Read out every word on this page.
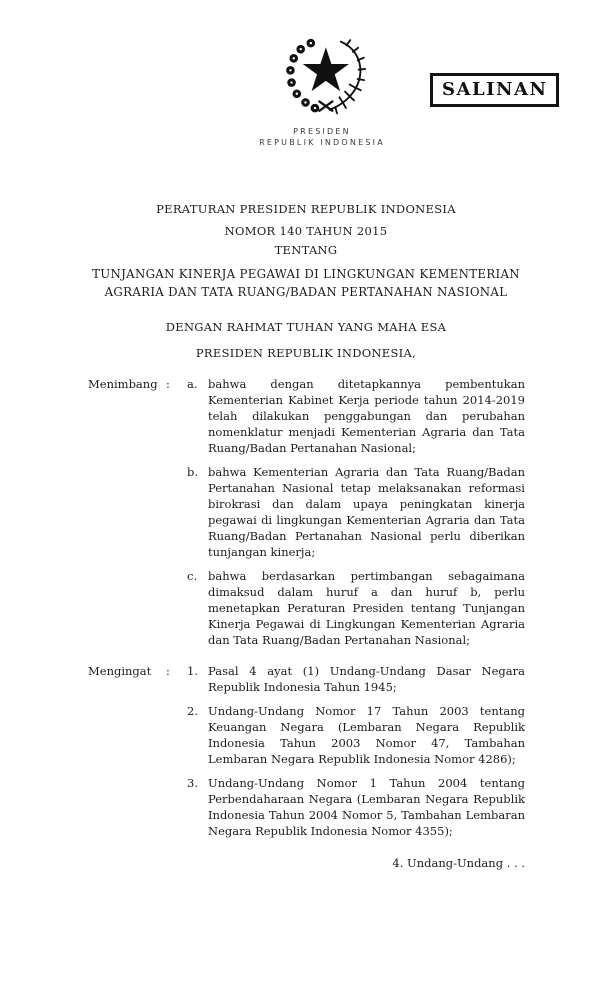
PRESIDEN
REPUBLIK INDONESIA
SALINAN
PERATURAN PRESIDEN REPUBLIK INDONESIA
NOMOR 140 TAHUN 2015
TENTANG
TUNJANGAN KINERJA PEGAWAI DI LINGKUNGAN KEMENTERIAN
AGRARIA DAN TATA RUANG/BADAN PERTANAHAN NASIONAL
DENGAN RAHMAT TUHAN YANG MAHA ESA
PRESIDEN REPUBLIK INDONESIA,
Menimbang :	a. bahwa dengan ditetapkannya pembentukan Kementerian Kabinet Kerja periode tahun 2014-2019 telah dilakukan penggabungan dan perubahan nomenklatur menjadi Kementerian Agraria dan Tata Ruang/Badan Pertanahan Nasional;
b. bahwa Kementerian Agraria dan Tata Ruang/Badan Pertanahan Nasional tetap melaksanakan reformasi birokrasi dan dalam upaya peningkatan kinerja pegawai di lingkungan Kementerian Agraria dan Tata Ruang/Badan Pertanahan Nasional perlu diberikan tunjangan kinerja;
c. bahwa berdasarkan pertimbangan sebagaimana dimaksud dalam huruf a dan huruf b, perlu menetapkan Peraturan Presiden tentang Tunjangan Kinerja Pegawai di Lingkungan Kementerian Agraria dan Tata Ruang/Badan Pertanahan Nasional;
Mengingat	:	1. Pasal 4 ayat (1) Undang-Undang Dasar Negara Republik Indonesia Tahun 1945;
2. Undang-Undang Nomor 17 Tahun 2003 tentang Keuangan Negara (Lembaran Negara Republik Indonesia Tahun 2003 Nomor 47, Tambahan Lembaran Negara Republik Indonesia Nomor 4286);
3. Undang-Undang Nomor 1 Tahun 2004 tentang Perbendaharaan Negara (Lembaran Negara Republik Indonesia Tahun 2004 Nomor 5, Tambahan Lembaran Negara Republik Indonesia Nomor 4355);
4. Undang-Undang . . .
